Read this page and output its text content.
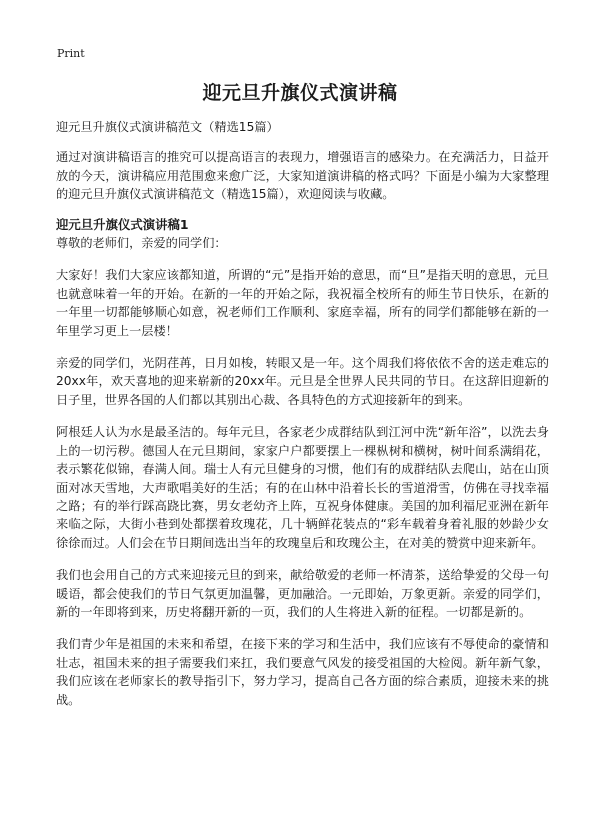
Print
迎元旦升旗仪式演讲稿

迎元旦升旗仪式演讲稿范文（精选15篇）

通过对演讲稿语言的推究可以提高语言的表现力，增强语言的感染力。在充满活力，日益开放的今天，演讲稿应用范围愈来愈广泛，大家知道演讲稿的格式吗？下面是小编为大家整理的迎元旦升旗仪式演讲稿范文（精选15篇），欢迎阅读与收藏。

迎元旦升旗仪式演讲稿1

尊敬的老师们，亲爱的同学们：

大家好！我们大家应该都知道，所谓的“元”是指开始的意思，而“旦”是指天明的意思，元旦也就意味着一年的开始。在新的一年的开始之际，我祝福全校所有的师生节日快乐，在新的一年里一切都能够顺心如意，祝老师们工作顺利、家庭幸福，所有的同学们都能够在新的一年里学习更上一层楼！

亲爱的同学们，光阴荏苒，日月如梭，转眼又是一年。这个周我们将依依不舍的送走难忘的20xx年，欢天喜地的迎来崭新的20xx年。元旦是全世界人民共同的节日。在这辞旧迎新的日子里，世界各国的人们都以其别出心裁、各具特色的方式迎接新年的到来。

阿根廷人认为水是最圣洁的。每年元旦，各家老少成群结队到江河中洗“新年浴”，以洗去身上的一切污秽。德国人在元旦期间，家家户户都要摆上一棵枞树和横树，树叶间系满绢花，表示繁花似锦，春满人间。瑞士人有元旦健身的习惯，他们有的成群结队去爬山，站在山顶面对冰天雪地，大声歌唱美好的生活；有的在山林中沿着长长的雪道滑雪，仿佛在寻找幸福之路；有的举行踩高跷比赛，男女老幼齐上阵，互祝身体健康。美国的加利福尼亚洲在新年来临之际，大街小巷到处都摆着玫瑰花，几十辆鲜花装点的“彩车载着身着礼服的妙龄少女徐徐而过。人们会在节日期间选出当年的玫瑰皇后和玫瑰公主，在对美的赞赏中迎来新年。

我们也会用自己的方式来迎接元旦的到来，献给敬爱的老师一杯清茶，送给挚爱的父母一句暖语，都会使我们的节日气氛更加温馨，更加融洽。一元即始，万象更新。亲爱的同学们，新的一年即将到来，历史将翻开新的一页，我们的人生将进入新的征程。一切都是新的。

我们青少年是祖国的未来和希望，在接下来的学习和生活中，我们应该有不辱使命的豪情和壮志，祖国未来的担子需要我们来扛，我们要意气风发的接受祖国的大检阅。新年新气象，我们应该在老师家长的教导指引下，努力学习，提高自己各方面的综合素质，迎接未来的挑战。
